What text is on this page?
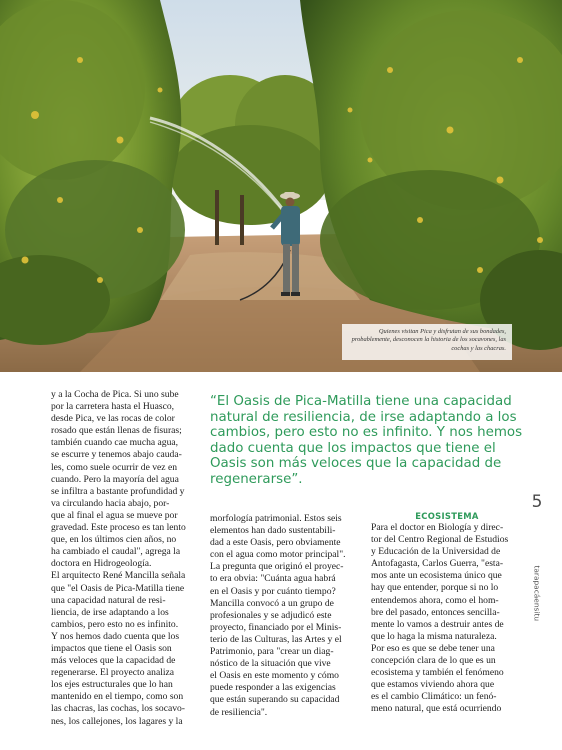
Quienes visitan Pica y disfrutan de sus bondades, probablemente, desconocen la historia de los socavones, las cochas y las chacras.
y a la Cocha de Pica. Si uno sube
por la carretera hasta el Huasco,
desde Pica, ve las rocas de color
rosado que están llenas de fisuras;
también cuando cae mucha agua,
se escurre y tenemos abajo cauda-
les, como suele ocurrir de vez en
cuando. Pero la mayoría del agua
se infiltra a bastante profundidad y
va circulando hacia abajo, por-
que al final el agua se mueve por
gravedad. Este proceso es tan lento
que, en los últimos cien años, no
ha cambiado el caudal", agrega la
doctora en Hidrogeología.
El arquitecto René Mancilla señala
que "el Oasis de Pica-Matilla tiene
una capacidad natural de resi-
liencia, de irse adaptando a los
cambios, pero esto no es infinito.
Y nos hemos dado cuenta que los
impactos que tiene el Oasis son
más veloces que la capacidad de
regenerarse. El proyecto analiza
los ejes estructurales que lo han
mantenido en el tiempo, como son
las chacras, las cochas, los socavo-
nes, los callejones, los lagares y la
“El Oasis de Pica-Matilla tiene una capacidad
natural de resiliencia, de irse adaptando a los
cambios, pero esto no es infinito. Y nos hemos
dado cuenta que los impactos que tiene el
Oasis son más veloces que la capacidad de
regenerarse”.
morfología patrimonial. Estos seis
elementos han dado sustentabili-
dad a este Oasis, pero obviamente
con el agua como motor principal".
La pregunta que originó el proyec-
to era obvia: "Cuánta agua habrá
en el Oasis y por cuánto tiempo?
Mancilla convocó a un grupo de
profesionales y se adjudicó este
proyecto, financiado por el Minis-
terio de las Culturas, las Artes y el
Patrimonio, para "crear un diag-
nóstico de la situación que vive
el Oasis en este momento y cómo
puede responder a las exigencias
que están superando su capacidad
de resiliencia".
ECOSISTEMA
Para el doctor en Biología y direc-
tor del Centro Regional de Estudios
y Educación de la Universidad de
Antofagasta, Carlos Guerra, "esta-
mos ante un ecosistema único que
hay que entender, porque si no lo
entendemos ahora, como el hom-
bre del pasado, entonces sencilla-
mente lo vamos a destruir antes de
que lo haga la misma naturaleza.
Por eso es que se debe tener una
concepción clara de lo que es un
ecosistema y también el fenómeno
que estamos viviendo ahora que
es el cambio Climático: un fenó-
meno natural, que está ocurriendo
5
tarapacáensitu
